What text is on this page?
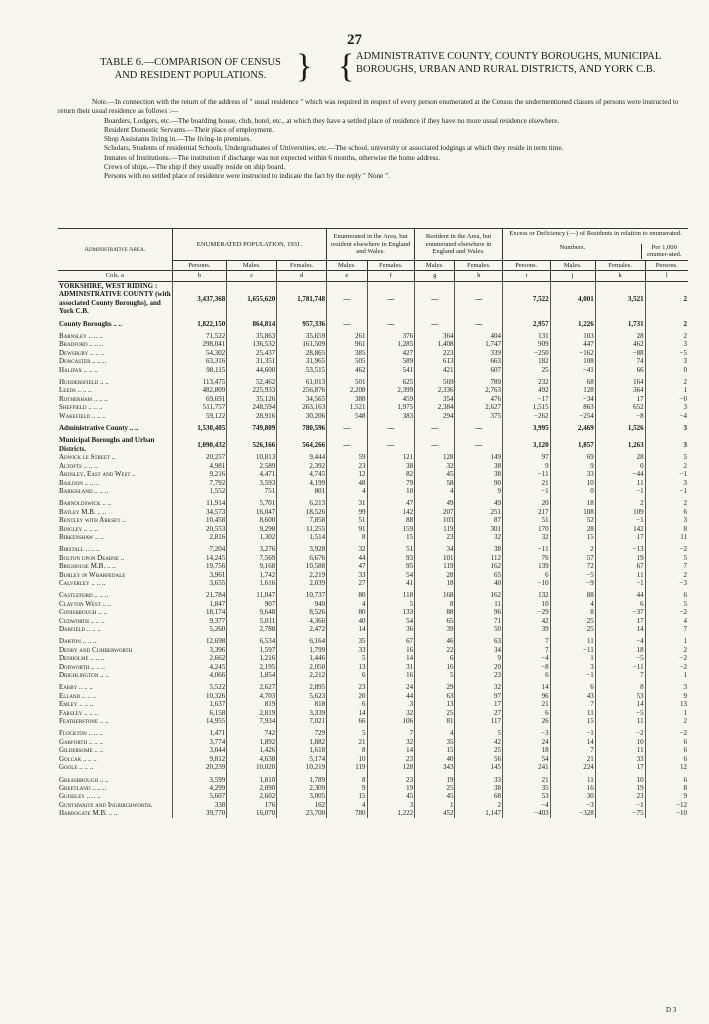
27
TABLE 6.—COMPARISON OF CENSUS AND RESIDENT POPULATIONS. } { ADMINISTRATIVE COUNTY, COUNTY BOROUGHS, MUNICIPAL BOROUGHS, URBAN AND RURAL DISTRICTS, AND YORK C.B.

Note.—In connection with the return of the address of " usual residence " which was required in respect of every person enumerated at the Census the undermentioned classes of persons were instructed to return their usual residence as follows :—

Boarders, Lodgers, etc.—The boarding house, club, hotel, etc., at which they have a settled place of residence if they have no more usual residence elsewhere.

Resident Domestic Servants.—Their place of employment.

Shop Assistants living in.—The living-in premises.

Scholars, Students of residential Schools, Undergraduates of Universities, etc.—The school, university or associated lodgings at which they reside in term time.

Inmates of Institutions.—The institution if discharge was not expected within 6 months, otherwise the home address.

Crews of ships.—The ship if they usually reside on ship board.

Persons with no settled place of residence were instructed to indicate the fact by the reply " None ".

Administrative Area.	ENUMERATED POPULATION, 1931.			Enumerated in the Area, but resident elsewhere in England and Wales.		Resident in the Area, but enumerated elsewhere in England and Wales.		Excess or Deficiency (—) of Residents in relation to enumerated.
Numbers. Per 1,000 enumer-ated.			

	Persons.	Males.	Females.	Males.	Females.	Males.	Females.	Persons.	Males.	Females.	Persons.
Cols. a	b	c	d	e	f	g	h	i	j	k	l
YORKSHIRE, WEST RIDING : ADMINISTRATIVE COUNTY (with associated County Boroughs), and York C.B.	3,437,368	1,655,620	1,781,748	—	—	—	—	7,522	4,001	3,521	2

County Boroughs .. ..	1,822,150	864,814	957,336	—	—	—	—	2,957	1,226	1,731	2

Barnsley .. .. ..	71,522	35,863	35,659	261	376	364	404	131	103	28	2
Bradford .. .. ..	298,041	136,532	161,509	961	1,285	1,408	1,747	909	447	462	3
Dewsbury .. .. ..	54,302	25,437	28,865	385	427	223	339	−250	−162	−88	−5
Doncaster .. .. ..	63,316	31,351	31,965	505	589	613	663	182	108	74	3
Halifax .. .. ..	98,115	44,600	53,515	462	541	421	607	25	−41	66	0

Huddersfield .. ..	113,475	52,462	61,013	501	625	569	789	232	68	164	2
Leeds .. .. ..	482,809	225,933	256,876	2,208	2,399	2,336	2,763	492	128	364	1
Rotherham .. .. ..	69,691	35,126	34,565	388	459	354	476	−17	−34	17	−0
Sheffield .. .. ..	511,757	248,594	263,163	1,521	1,975	2,384	2,627	1,515	863	652	3
Wakefield .. .. ..	59,122	28,916	30,206	548	383	294	375	−262	−254	−8	−4

Administrative County .. ..	1,530,405	749,809	780,596	—	—	—	—	3,995	2,469	1,526	3

Municipal Boroughs and Urban Districts.	1,090,432	526,166	564,266	—	—	—	—	3,120	1,857	1,263	3
Adwick le Street ..	20,257	10,813	9,444	59	121	128	149	97	69	28	5
Altofts .. .. ..	4,981	2,589	2,392	23	38	32	38	9	9	0	2
Ardsley, East and West ..	9,216	4,471	4,745	12	82	45	38	−11	33	−44	−1
Baildon .. .. ..	7,792	3,593	4,199	48	79	58	90	21	10	11	3
Barkisland .. .. ..	1,552	751	801	4	10	4	9	−1	0	−1	−1

Barnoldswick .. ..	11,914	5,701	6,213	31	47	49	49	20	18	2	2
Batley M.B. .. ..	34,573	16,047	18,526	99	142	207	251	217	108	109	6
Bentley with Arksey ..	10,458	8,600	7,858	51	88	103	87	51	52	−1	3
Bingley .. .. ..	20,553	9,298	11,255	91	159	119	301	170	28	142	8
Birkenshaw .. ..	2,816	1,302	1,514	8	15	23	32	32	15	17	11

Birstall .. .. ..	7,204	3,276	3,928	32	51	34	38	−11	2	−13	−2
Bolton upon Dearne ..	14,245	7,569	6,676	44	93	101	112	76	57	19	5
Brighouse M.B. .. ..	19,756	9,168	10,588	47	95	119	162	139	72	67	7
Burley in Wharfedale	3,961	1,742	2,219	33	54	28	65	6	−5	11	2
Calverley .. .. ..	3,655	1,616	2,039	27	41	18	40	−10	−9	−1	−3

Castleford .. .. ..	21,784	11,047	10,737	80	118	168	162	132	88	44	6
Clayton West .. ..	1,847	907	940	4	5	8	11	10	4	6	5
Conisbrough .. ..	18,174	9,648	8,526	80	133	88	96	−29	8	−37	−2
Cudworth .. .. ..	9,377	5,011	4,366	40	54	65	71	42	25	17	4
Darfield .. .. ..	5,260	2,788	2,472	14	36	39	50	39	25	14	7

Darton .. .. ..	12,698	6,534	6,164	35	67	46	63	7	11	−4	1
Denby and Cumberworth	3,396	1,597	1,799	33	16	22	34	7	−11	18	2
Denholme .. .. ..	2,662	1,216	1,446	5	14	6	9	−4	1	−5	−2
Dodworth .. .. ..	4,245	2,195	2,050	13	31	16	20	−8	3	−11	−2
Drighlington .. ..	4,066	1,854	2,212	6	16	5	23	6	−1	7	1

Earby .. .. ..	5,522	2,627	2,895	23	24	29	32	14	6	8	3
Elland .. .. ..	10,326	4,703	5,623	20	44	63	97	96	43	53	9
Emley .. .. ..	1,637	819	818	6	3	13	17	21	7	14	13
Farsley .. .. ..	6,158	2,819	3,339	14	32	25	27	6	11	−5	1
Featherstone .. ..	14,955	7,934	7,021	66	106	81	117	26	15	11	2

Flockton .. .. ..	1,471	742	729	5	7	4	5	−3	−1	−2	−2
Garforth .. .. ..	3,774	1,892	1,882	21	32	35	42	24	14	10	6
Gildersome .. ..	3,044	1,426	1,618	8	14	15	25	18	7	11	6
Golcar .. .. ..	9,812	4,638	5,174	10	23	40	56	54	21	33	6
Goole .. .. ..	20,239	10,020	10,219	119	128	343	145	241	224	17	12

Greasbrough .. ..	3,599	1,810	1,789	8	23	19	33	21	11	10	6
Greetland .. .. ..	4,299	2,090	2,309	9	19	25	38	35	16	19	8
Guiseley .. .. ..	5,607	2,602	3,005	15	45	45	68	53	30	23	9
Gunthwaite and Ingbirchworth.	338	176	162	4	3	1	2	−4	−3	−1	−12
Harrogate M.B. .. ..	39,770	16,070	23,700	780	1,222	452	1,147	−403	−328	−75	−10
D 3
